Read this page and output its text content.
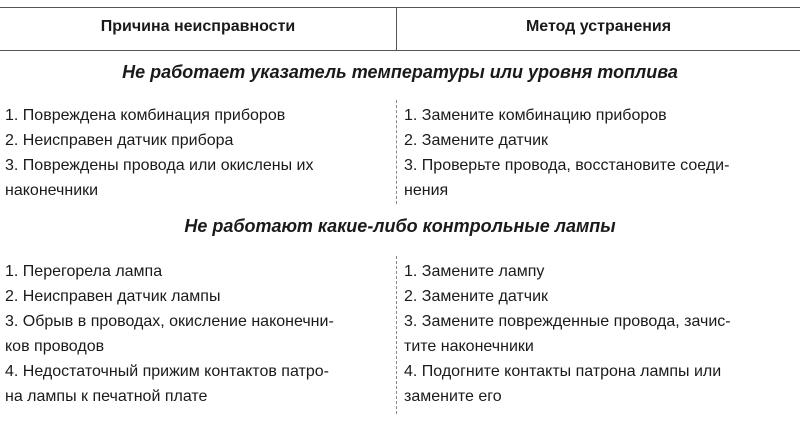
Причина неисправности	Метод устранения
Не работает указатель температуры или уровня топлива
1. Повреждена комбинация приборов
2. Неисправен датчик прибора
3. Повреждены провода или окислены их
наконечники
1. Замените комбинацию приборов
2. Замените датчик
3. Проверьте провода, восстановите соеди-
нения
Не работают какие-либо контрольные лампы
1. Перегорела лампа
2. Неисправен датчик лампы
3. Обрыв в проводах, окисление наконечни-
ков проводов
4. Недостаточный прижим контактов патро-
на лампы к печатной плате
1. Замените лампу
2. Замените датчик
3. Замените поврежденные провода, зачис-
тите наконечники
4. Подогните контакты патрона лампы или
замените его
